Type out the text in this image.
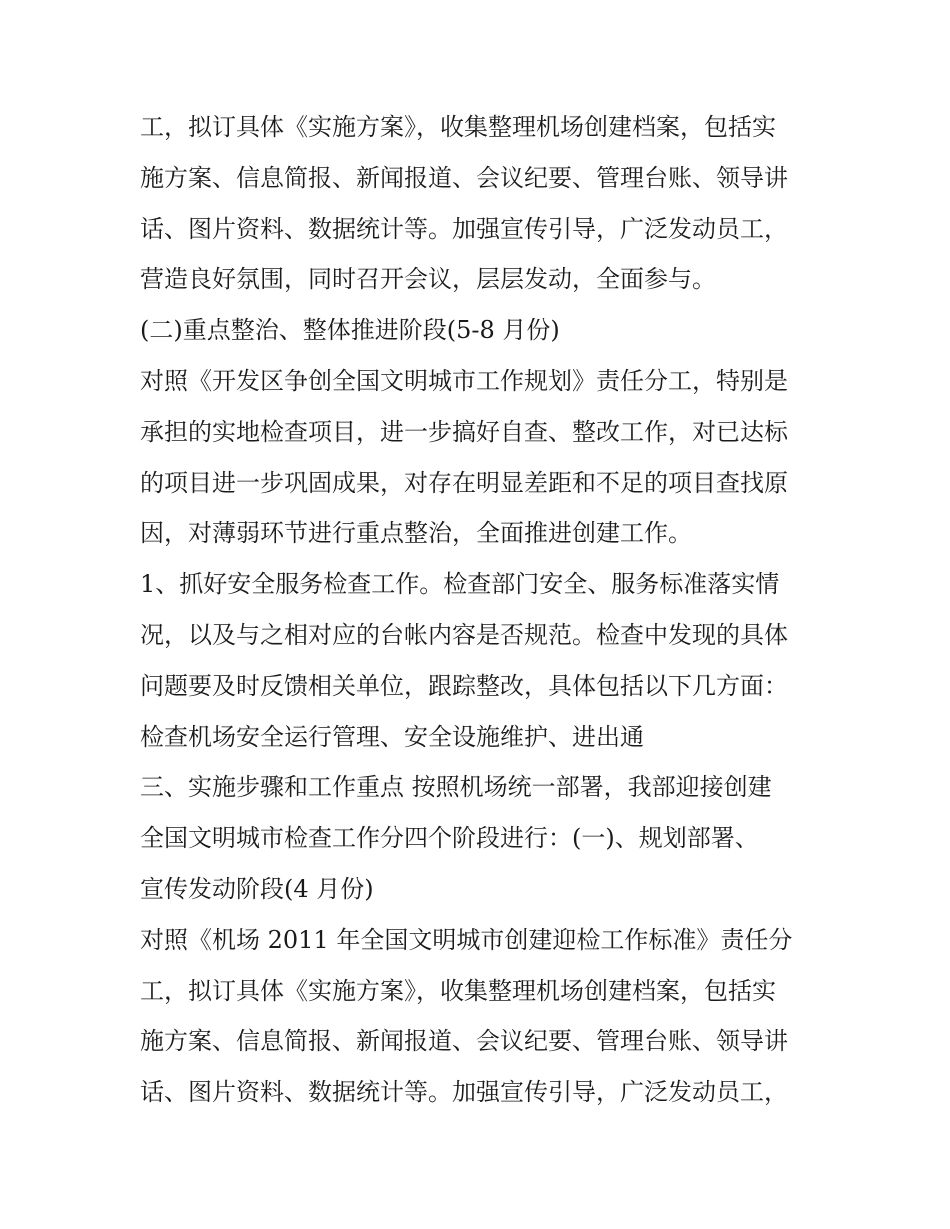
工，拟订具体《实施方案》，收集整理机场创建档案，包括实
施方案、信息简报、新闻报道、会议纪要、管理台账、领导讲
话、图片资料、数据统计等。加强宣传引导，广泛发动员工，
营造良好氛围，同时召开会议，层层发动，全面参与。
(二)重点整治、整体推进阶段(5-8 月份)
对照《开发区争创全国文明城市工作规划》责任分工，特别是
承担的实地检查项目，进一步搞好自查、整改工作，对已达标
的项目进一步巩固成果，对存在明显差距和不足的项目查找原
因，对薄弱环节进行重点整治，全面推进创建工作。
1、抓好安全服务检查工作。检查部门安全、服务标准落实情
况，以及与之相对应的台帐内容是否规范。检查中发现的具体
问题要及时反馈相关单位，跟踪整改，具体包括以下几方面：
检查机场安全运行管理、安全设施维护、进出通
三、实施步骤和工作重点 按照机场统一部署，我部迎接创建
全国文明城市检查工作分四个阶段进行：(一)、规划部署、
宣传发动阶段(4 月份)
对照《机场 2011 年全国文明城市创建迎检工作标准》责任分
工，拟订具体《实施方案》，收集整理机场创建档案，包括实
施方案、信息简报、新闻报道、会议纪要、管理台账、领导讲
话、图片资料、数据统计等。加强宣传引导，广泛发动员工，
